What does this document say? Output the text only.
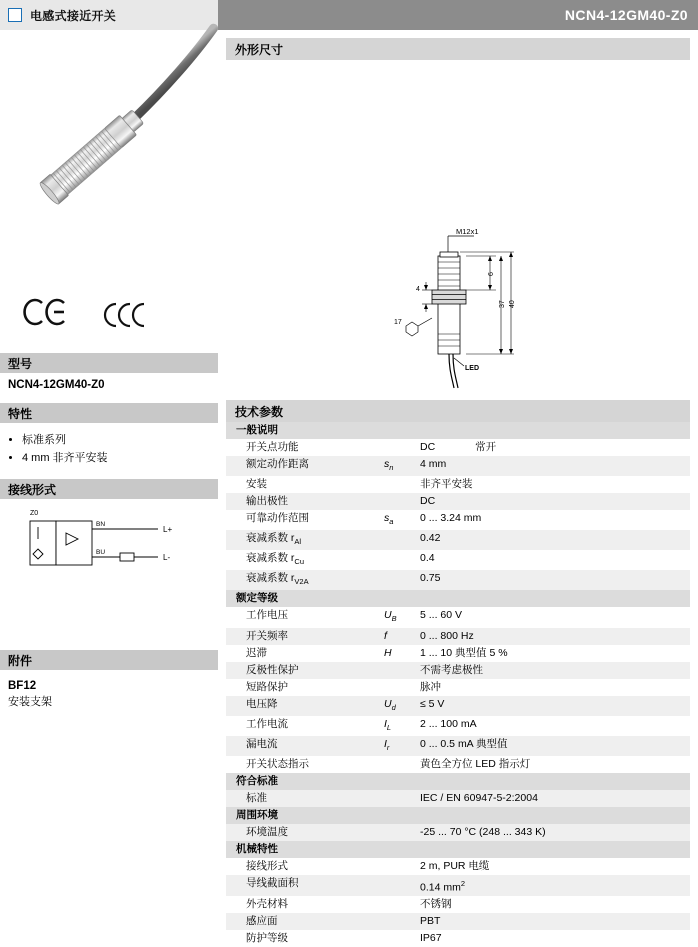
电感式接近开关	NCN4-12GM40-Z0
型号
NCN4-12GM40-Z0
特性
• 标准系列
• 4 mm 非齐平安装
接线形式
Z0
BN
L+
BU
L-
附件
BF12
安装支架
外形尺寸
M12x1
6
37 40
4
17
LED
技术参数
一般说明		
开关点功能		DC 常开
额定动作距离	$s_n$	4 mm
安装		非齐平安装
输出极性		DC
可靠动作范围	$s_a$	0 ... 3.24 mm
衰减系数 $r_{Al}$		0.42
衰减系数 $r_{Cu}$		0.4
衰减系数 $r_{V2A}$		0.75
额定等级		
工作电压	$U_B$	5 ... 60 V
开关频率	f	0 ... 800 Hz
迟滞	H	1 ... 10 典型值 5 %
反极性保护		不需考虑极性
短路保护		脉冲
电压降	$U_d$	≤ 5 V
工作电流	$I_L$	2 ... 100 mA
漏电流	$I_r$	0 ... 0.5 mA 典型值
开关状态指示		黄色全方位 LED 指示灯
符合标准		
标准		IEC / EN 60947-5-2:2004
周围环境		
环境温度		-25 ... 70 °C (248 ... 343 K)
机械特性		
接线形式		2 m, PUR 电缆
导线截面积		0.14 $mm^2$
外壳材料		不锈钢
感应面		PBT
防护等级		IP67
